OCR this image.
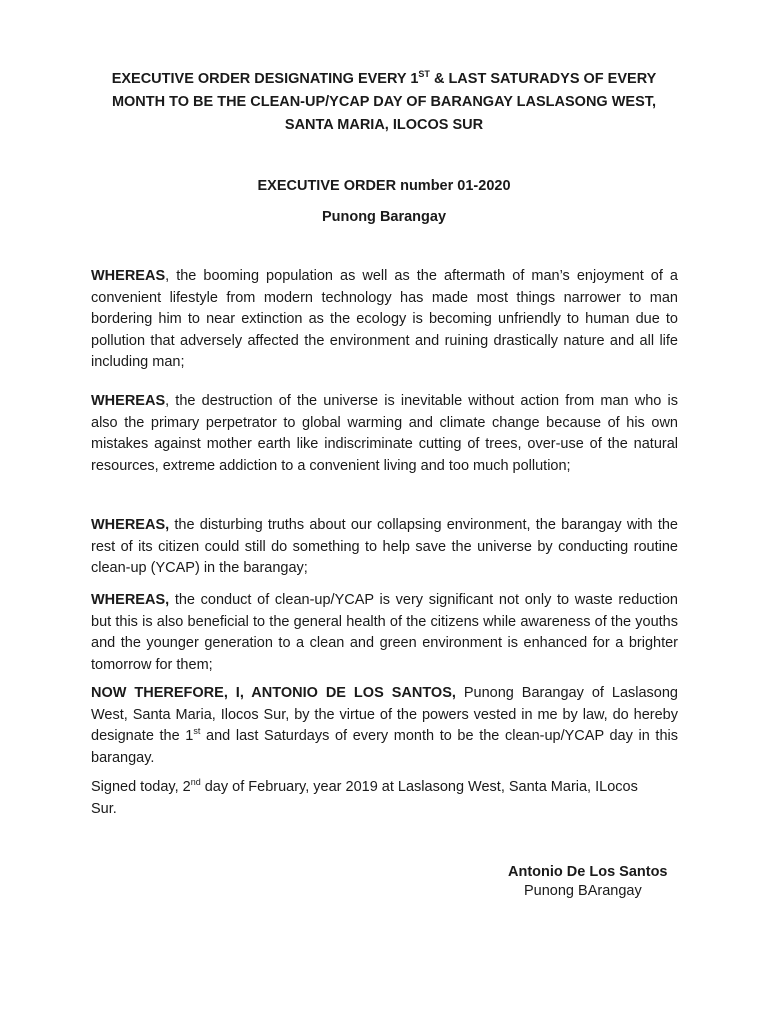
EXECUTIVE ORDER DESIGNATING EVERY 1ST & LAST SATURADYS OF EVERY
MONTH TO BE THE CLEAN-UP/YCAP DAY OF BARANGAY LASLASONG WEST,
SANTA MARIA, ILOCOS SUR
EXECUTIVE ORDER number 01-2020
Punong Barangay

WHEREAS, the booming population as well as the aftermath of man’s enjoyment of a convenient lifestyle from modern technology has made most things narrower to man bordering him to near extinction as the ecology is becoming unfriendly to human due to pollution that adversely affected the environment and ruining drastically nature and all life including man;

WHEREAS, the destruction of the universe is inevitable without action from man who is also the primary perpetrator to global warming and climate change because of his own mistakes against mother earth like indiscriminate cutting of trees, over-use of the natural resources, extreme addiction to a convenient living and too much pollution;

WHEREAS, the disturbing truths about our collapsing environment, the barangay with the rest of its citizen could still do something to help save the universe by conducting routine clean-up (YCAP) in the barangay;

WHEREAS, the conduct of clean-up/YCAP is very significant not only to waste reduction but this is also beneficial to the general health of the citizens while awareness of the youths and the younger generation to a clean and green environment is enhanced for a brighter tomorrow for them;

NOW THEREFORE, I, ANTONIO DE LOS SANTOS, Punong Barangay of Laslasong West, Santa Maria, Ilocos Sur, by the virtue of the powers vested in me by law, do hereby designate the 1st and last Saturdays of every month to be the clean-up/YCAP day in this barangay.

Signed today, 2nd day of February, year 2019 at Laslasong West, Santa Maria, ILocos Sur.

Antonio De Los Santos
Punong BArangay
